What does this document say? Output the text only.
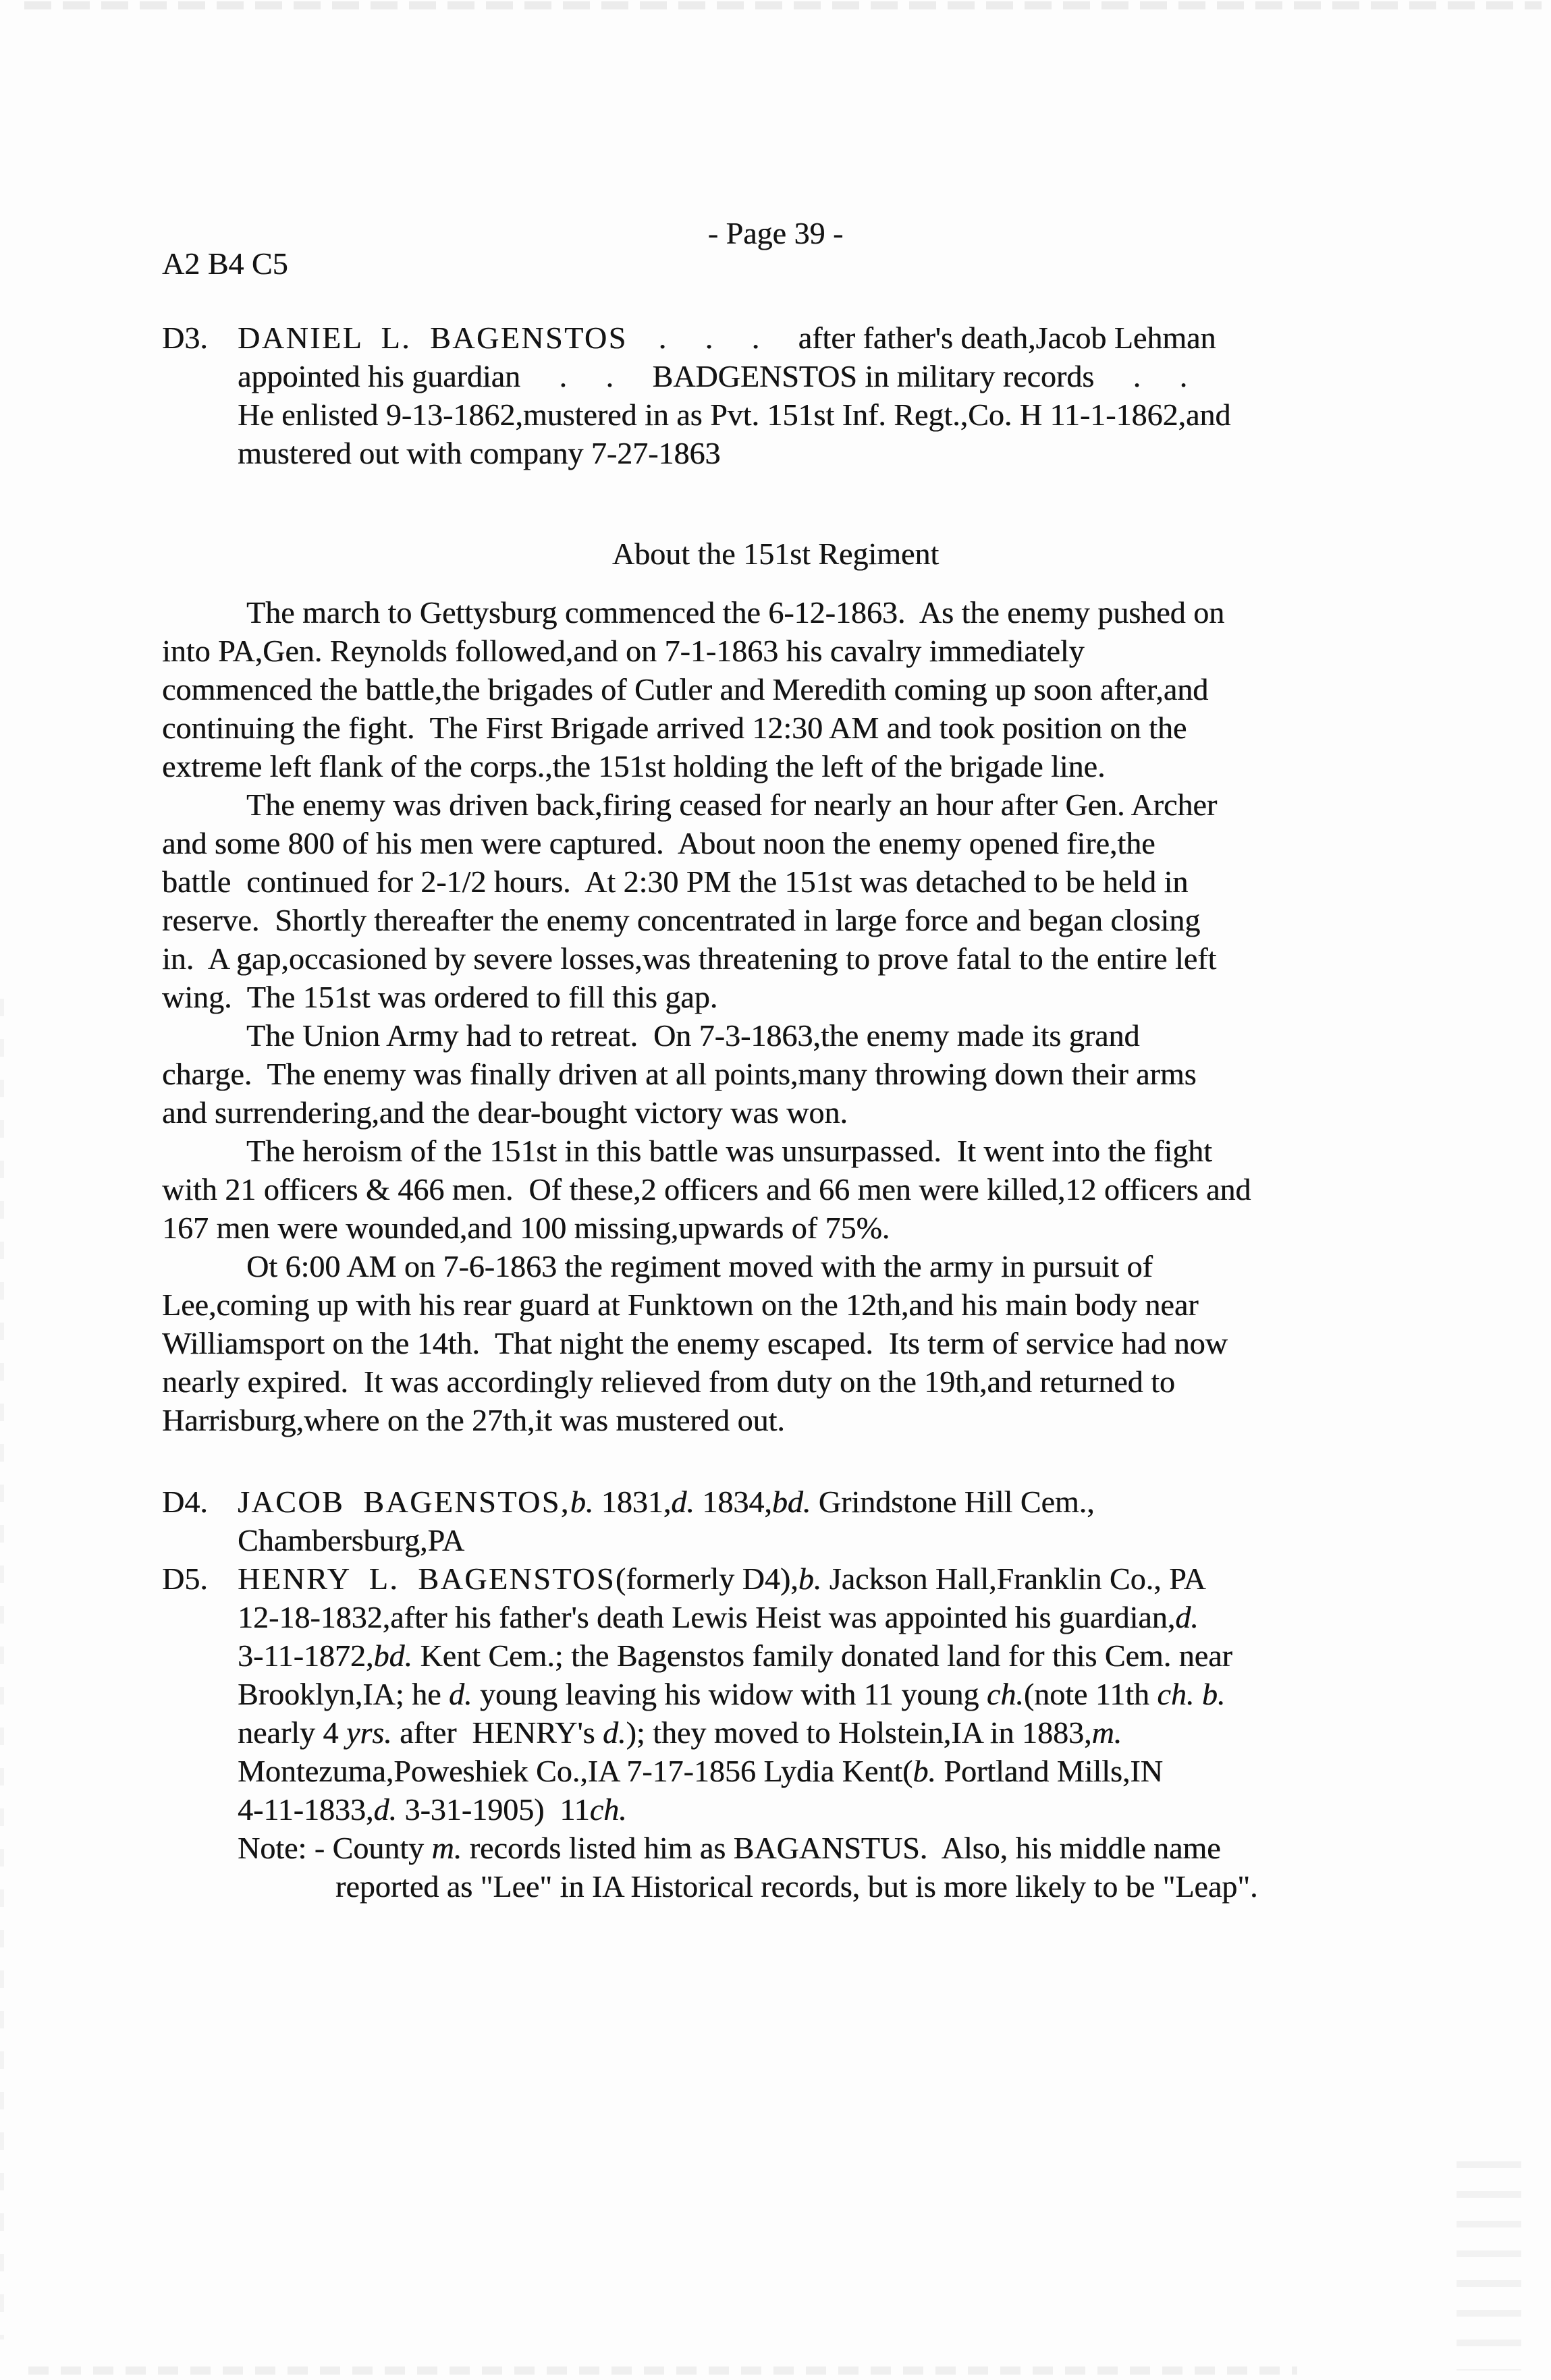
- Page 39 -
A2 B4 C5
D3. DANIEL  L.  BAGENSTOS    .     .     .     after father's death,Jacob Lehman
appointed his guardian     .     .     BADGENSTOS in military records     .     .
He enlisted 9-13-1862,mustered in as Pvt. 151st Inf. Regt.,Co. H 11-1-1862,and
mustered out with company 7-27-1863
About the 151st Regiment
The march to Gettysburg commenced the 6-12-1863.  As the enemy pushed on
into PA,Gen. Reynolds followed,and on 7-1-1863 his cavalry immediately
commenced the battle,the brigades of Cutler and Meredith coming up soon after,and
continuing the fight.  The First Brigade arrived 12:30 AM and took position on the
extreme left flank of the corps.,the 151st holding the left of the brigade line.
The enemy was driven back,firing ceased for nearly an hour after Gen. Archer
and some 800 of his men were captured.  About noon the enemy opened fire,the
battle  continued for 2-1/2 hours.  At 2:30 PM the 151st was detached to be held in
reserve.  Shortly thereafter the enemy concentrated in large force and began closing
in.  A gap,occasioned by severe losses,was threatening to prove fatal to the entire left
wing.  The 151st was ordered to fill this gap.
The Union Army had to retreat.  On 7-3-1863,the enemy made its grand
charge.  The enemy was finally driven at all points,many throwing down their arms
and surrendering,and the dear-bought victory was won.
The heroism of the 151st in this battle was unsurpassed.  It went into the fight
with 21 officers & 466 men.  Of these,2 officers and 66 men were killed,12 officers and
167 men were wounded,and 100 missing,upwards of 75%.
Ot 6:00 AM on 7-6-1863 the regiment moved with the army in pursuit of
Lee,coming up with his rear guard at Funktown on the 12th,and his main body near
Williamsport on the 14th.  That night the enemy escaped.  Its term of service had now
nearly expired.  It was accordingly relieved from duty on the 19th,and returned to
Harrisburg,where on the 27th,it was mustered out.
D4. JACOB  BAGENSTOS,b. 1831,d. 1834,bd. Grindstone Hill Cem.,
Chambersburg,PA
D5. HENRY  L.  BAGENSTOS(formerly D4),b. Jackson Hall,Franklin Co., PA
12-18-1832,after his father's death Lewis Heist was appointed his guardian,d.
3-11-1872,bd. Kent Cem.; the Bagenstos family donated land for this Cem. near
Brooklyn,IA; he d. young leaving his widow with 11 young ch.(note 11th ch. b.
nearly 4 yrs. after  HENRY's d.); they moved to Holstein,IA in 1883,m.
Montezuma,Poweshiek Co.,IA 7-17-1856 Lydia Kent(b. Portland Mills,IN
4-11-1833,d. 3-31-1905)  11ch.
Note: - County m. records listed him as BAGANSTUS.  Also, his middle name
reported as "Lee" in IA Historical records, but is more likely to be "Leap".
